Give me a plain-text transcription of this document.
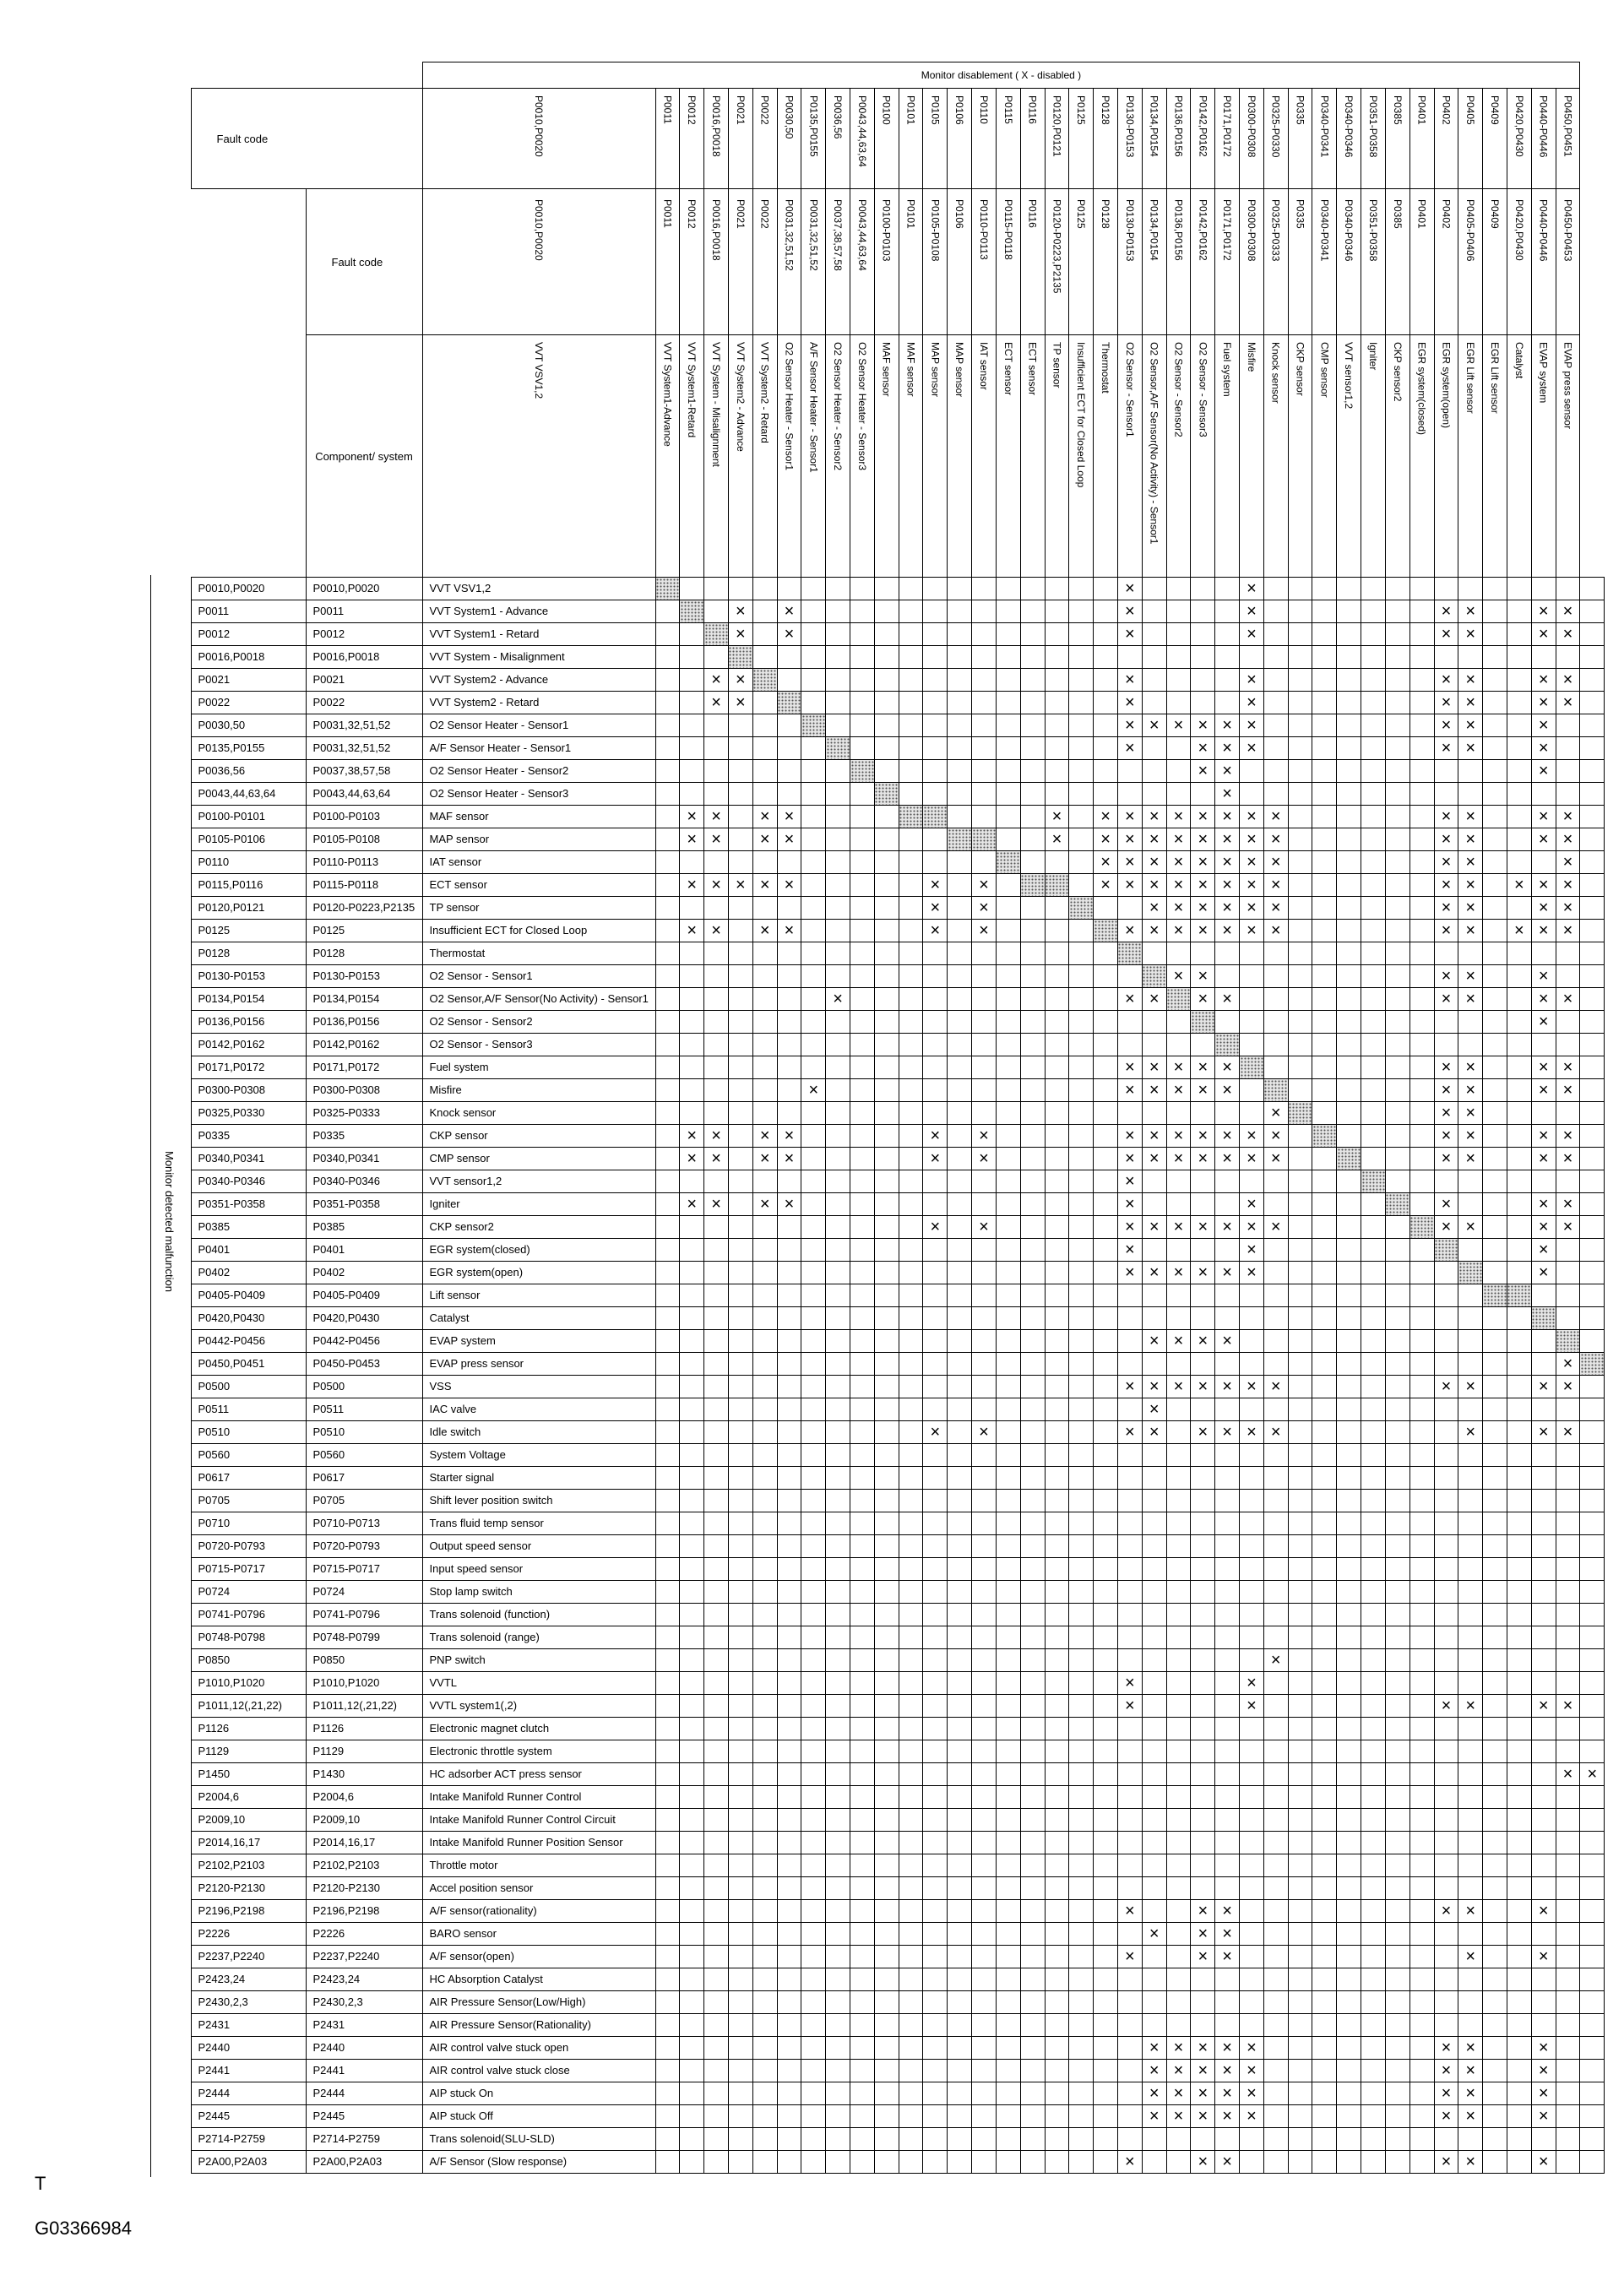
			Monitor disablement ( X - disabled )																																							
	Fault code		P0010,P0020	P0011	P0012	P0016,P0018	P0021	P0022	P0030,50	P0135,P0155	P0036,56	P0043,44,63,64	P0100	P0101	P0105	P0106	P0110	P0115	P0116	P0120,P0121	P0125	P0128	P0130-P0153	P0134,P0154	P0136,P0156	P0142,P0162	P0171,P0172	P0300-P0308	P0325-P0330	P0335	P0340-P0341	P0340-P0346	P0351-P0358	P0385	P0401	P0402	P0405	P0409	P0420,P0430	P0440-P0446	P0450,P0451	

		Fault code	P0010,P0020	P0011	P0012	P0016,P0018	P0021	P0022	P0031,32,51,52	P0031,32,51,52	P0037,38,57,58	P0043,44,63,64	P0100-P0103	P0101	P0105-P0108	P0106	P0110-P0113	P0115-P0118	P0116	P0120-P0223,P2135	P0125	P0128	P0130-P0153	P0134,P0154	P0136,P0156	P0142,P0162	P0171,P0172	P0300-P0308	P0325-P0333	P0335	P0340-P0341	P0340-P0346	P0351-P0358	P0385	P0401	P0402	P0405-P0406	P0409	P0420,P0430	P0440-P0446	P0450-P0453	

		Component/ system	VVT VSV1,2	VVT System1-Advance	VVT System1-Retard	VVT System - Misalignment	VVT System2 - Advance	VVT System2 - Retard	O2 Sensor Heater - Sensor1	A/F Sensor Heater - Sensor1	O2 Sensor Heater - Sensor2	O2 Sensor Heater - Sensor3	MAF sensor	MAF sensor	MAP sensor	MAP sensor	IAT sensor	ECT sensor	ECT sensor	TP sensor	Insufficient ECT for Closed Loop	Thermostat	O2 Sensor - Sensor1	O2 Sensor,A/F Sensor(No Activity) - Sensor1	O2 Sensor - Sensor2	O2 Sensor - Sensor3	Fuel system	Misfire	Knock sensor	CKP sensor	CMP sensor	VVT sensor1,2	Igniter	CKP sensor2	EGR system(closed)	EGR system(open)	EGR Lift sensor	EGR Lift sensor	Catalyst	EVAP system	EVAP press sensor	

	P0010,P0020	P0010,P0020	VVT VSV1,2																				×					×														
	P0011	P0011	VVT System1 - Advance				×		×														×					×								×	×			×	×	
	P0012	P0012	VVT System1 - Retard				×		×														×					×								×	×			×	×	
	P0016,P0018	P0016,P0018	VVT System - Misalignment																																							
	P0021	P0021	VVT System2 - Advance			×	×																×					×								×	×			×	×	
	P0022	P0022	VVT System2 - Retard			×	×																×					×								×	×			×	×	
	P0030,50	P0031,32,51,52	O2 Sensor Heater - Sensor1																				×	×	×	×	×	×								×	×			×		
	P0135,P0155	P0031,32,51,52	A/F Sensor Heater - Sensor1																				×			×	×	×								×	×			×		
	P0036,56	P0037,38,57,58	O2 Sensor Heater - Sensor2																							×	×													×		
	P0043,44,63,64	P0043,44,63,64	O2 Sensor Heater - Sensor3																								×															
	P0100-P0101	P0100-P0103	MAF sensor		×	×		×	×											×		×	×	×	×	×	×	×	×							×	×			×	×	
	P0105-P0106	P0105-P0108	MAP sensor		×	×		×	×											×		×	×	×	×	×	×	×	×							×	×			×	×	
	P0110	P0110-P0113	IAT sensor																			×	×	×	×	×	×	×	×							×	×				×	
	P0115,P0116	P0115-P0118	ECT sensor		×	×	×	×	×						×		×					×	×	×	×	×	×	×	×							×	×		×	×	×	
	P0120,P0121	P0120-P0223,P2135	TP sensor												×		×							×	×	×	×	×	×							×	×			×	×	
	P0125	P0125	Insufficient ECT for Closed Loop		×	×		×	×						×		×						×	×	×	×	×	×	×							×	×		×	×	×	
	P0128	P0128	Thermostat																																							
	P0130-P0153	P0130-P0153	O2 Sensor - Sensor1																						×	×										×	×			×		
	P0134,P0154	P0134,P0154	O2 Sensor,A/F Sensor(No Activity) - Sensor1								×												×	×		×	×									×	×			×	×	
	P0136,P0156	P0136,P0156	O2 Sensor - Sensor2																																					×		
	P0142,P0162	P0142,P0162	O2 Sensor - Sensor3																																							
	P0171,P0172	P0171,P0172	Fuel system																				×	×	×	×	×									×	×			×	×	
	P0300-P0308	P0300-P0308	Misfire							×													×	×	×	×	×									×	×			×	×	
	P0325,P0330	P0325-P0333	Knock sensor																										×							×	×					
	P0335	P0335	CKP sensor		×	×		×	×						×		×						×	×	×	×	×	×	×							×	×			×	×	
	P0340,P0341	P0340,P0341	CMP sensor		×	×		×	×						×		×						×	×	×	×	×	×	×							×	×			×	×	
	P0340-P0346	P0340-P0346	VVT sensor1,2																				×																			
	P0351-P0358	P0351-P0358	Igniter		×	×		×	×														×					×								×				×	×	
	P0385	P0385	CKP sensor2												×		×						×	×	×	×	×	×	×							×	×			×	×	
	P0401	P0401	EGR system(closed)																				×					×												×		
	P0402	P0402	EGR system(open)																				×	×	×	×	×	×												×		
	P0405-P0409	P0405-P0409	Lift sensor																																							
	P0420,P0430	P0420,P0430	Catalyst																																							
	P0442-P0456	P0442-P0456	EVAP system																					×	×	×	×															
	P0450,P0451	P0450-P0453	EVAP press sensor																																						×	
	P0500	P0500	VSS																				×	×	×	×	×	×	×							×	×			×	×	
	P0511	P0511	IAC valve																					×																		
	P0510	P0510	Idle switch												×		×						×	×		×	×	×	×								×			×	×	
	P0560	P0560	System Voltage																																							
	P0617	P0617	Starter signal																																							
	P0705	P0705	Shift lever position switch																																							
	P0710	P0710-P0713	Trans fluid temp sensor																																							
	P0720-P0793	P0720-P0793	Output speed sensor																																							
	P0715-P0717	P0715-P0717	Input speed sensor																																							
	P0724	P0724	Stop lamp switch																																							
	P0741-P0796	P0741-P0796	Trans solenoid (function)																																							
	P0748-P0798	P0748-P0799	Trans solenoid (range)																																							
	P0850	P0850	PNP switch																										×													
	P1010,P1020	P1010,P1020	VVTL																				×					×														
	P1011,12(,21,22)	P1011,12(,21,22)	VVTL system1(,2)																				×					×								×	×			×	×	
	P1126	P1126	Electronic magnet clutch																																							
	P1129	P1129	Electronic throttle system																																							
	P1450	P1430	HC adsorber ACT press sensor																																						×	×
	P2004,6	P2004,6	Intake Manifold Runner Control																																							
	P2009,10	P2009,10	Intake Manifold Runner Control Circuit																																							
	P2014,16,17	P2014,16,17	Intake Manifold Runner Position Sensor																																							
	P2102,P2103	P2102,P2103	Throttle motor																																							
	P2120-P2130	P2120-P2130	Accel position sensor																																							
	P2196,P2198	P2196,P2198	A/F sensor(rationality)																				×			×	×									×	×			×		
	P2226	P2226	BARO sensor																					×		×	×															
	P2237,P2240	P2237,P2240	A/F sensor(open)																				×			×	×										×			×		
	P2423,24	P2423,24	HC Absorption Catalyst																																							
	P2430,2,3	P2430,2,3	AIR Pressure Sensor(Low/High)																																							
	P2431	P2431	AIR Pressure Sensor(Rationality)																																							
	P2440	P2440	AIR control valve stuck open																					×	×	×	×	×								×	×			×		
	P2441	P2441	AIR control valve stuck close																					×	×	×	×	×								×	×			×		
	P2444	P2444	AIP stuck On																					×	×	×	×	×								×	×			×		
	P2445	P2445	AIP stuck Off																					×	×	×	×	×								×	×			×		
	P2714-P2759	P2714-P2759	Trans solenoid(SLU-SLD)																																							
	P2A00,P2A03	P2A00,P2A03	A/F Sensor (Slow response)																				×			×	×									×	×			×		
Monitor detected malfunction
T
G03366984
